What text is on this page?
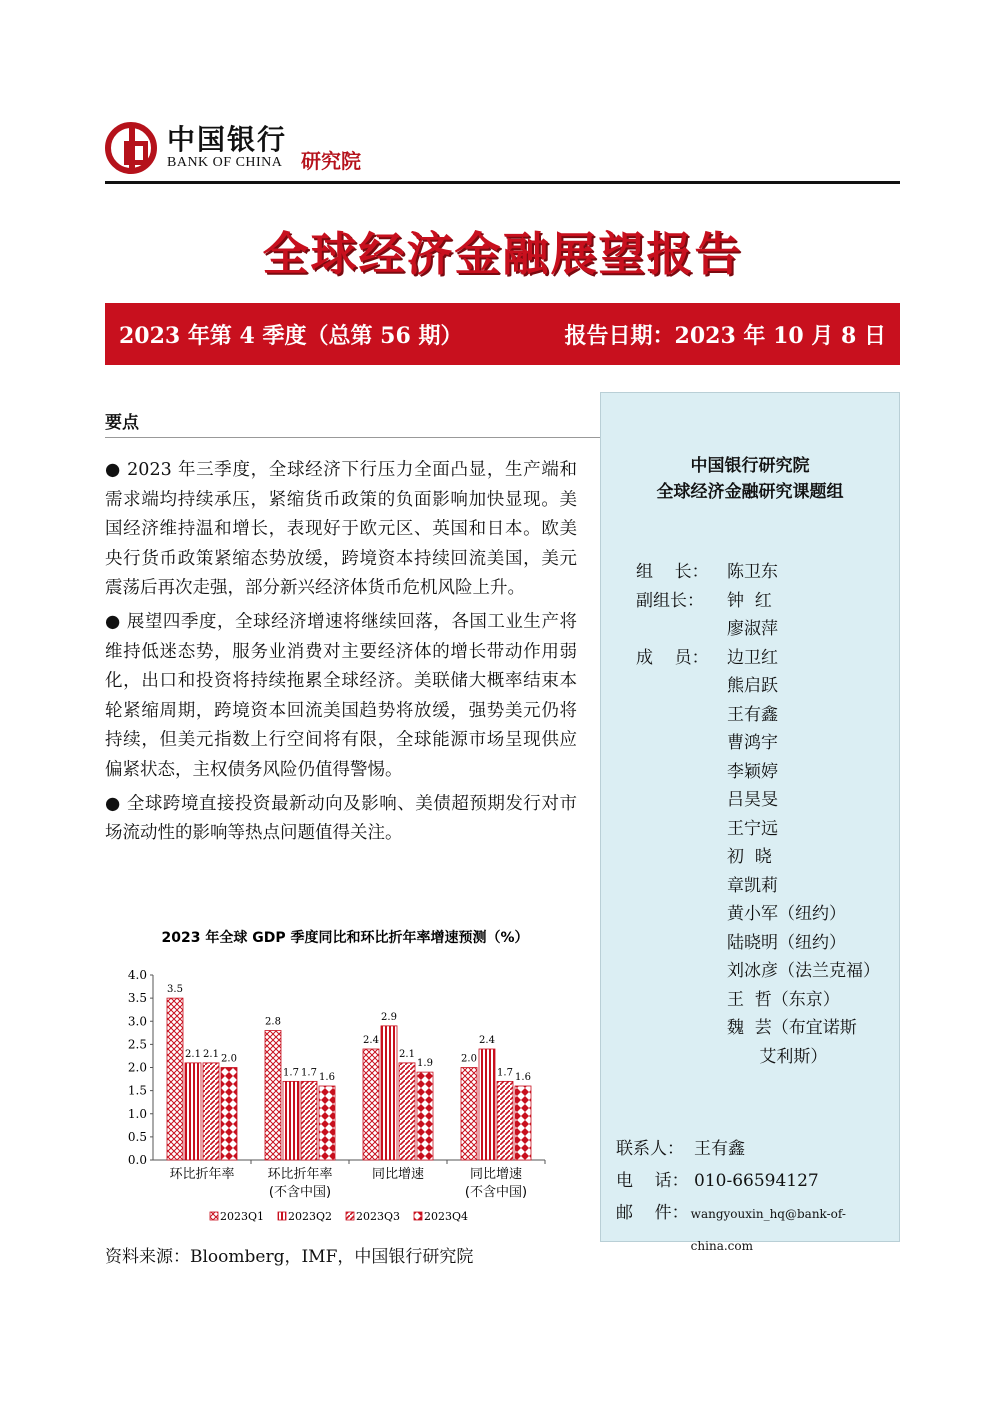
中国银行
BANK OF CHINA 研究院
全球经济金融展望报告
2023 年第 4 季度（总第 56 期）	报告日期：2023 年 10 月 8 日
要点

● 2023 年三季度，全球经济下行压力全面凸显，生产端和需求端均持续承压，紧缩货币政策的负面影响加快显现。美国经济维持温和增长，表现好于欧元区、英国和日本。欧美央行货币政策紧缩态势放缓，跨境资本持续回流美国，美元震荡后再次走强，部分新兴经济体货币危机风险上升。

● 展望四季度，全球经济增速将继续回落，各国工业生产将维持低迷态势，服务业消费对主要经济体的增长带动作用弱化，出口和投资将持续拖累全球经济。美联储大概率结束本轮紧缩周期，跨境资本回流美国趋势将放缓，强势美元仍将持续，但美元指数上行空间将有限，全球能源市场呈现供应偏紧状态，主权债务风险仍值得警惕。

● 全球跨境直接投资最新动向及影响、美债超预期发行对市场流动性的影响等热点问题值得关注。

2023 年全球 GDP 季度同比和环比折年率增速预测（%）
0.0
0.5
1.0
1.5
2.0
2.5
3.0
3.5
4.0
3.5
2.1 2.1 2.0
环比折年率
2.8
1.7 1.7 1.6
环比折年率
(不含中国)
2.4
2.9
2.1
1.9
同比增速
2.0
2.4
1.7 1.6
同比增速
(不含中国)
2023Q1 2023Q2 2023Q3 2023Q4
资料来源：Bloomberg，IMF，中国银行研究院
中国银行研究院
全球经济金融研究课题组
组    长：	陈卫东
副组长：	钟  红
廖淑萍
成    员：	边卫红
熊启跃
王有鑫
曹鸿宇
李颖婷
吕昊旻
王宁远
初  晓
章凯莉
黄小军（纽约）
陆晓明（纽约）
刘冰彦（法兰克福）
王  哲（东京）
魏  芸（布宜诺斯
艾利斯）
联系人： 王有鑫
电    话： 010-66594127
邮    件： wangyouxin_hq@bank-of-china.com
